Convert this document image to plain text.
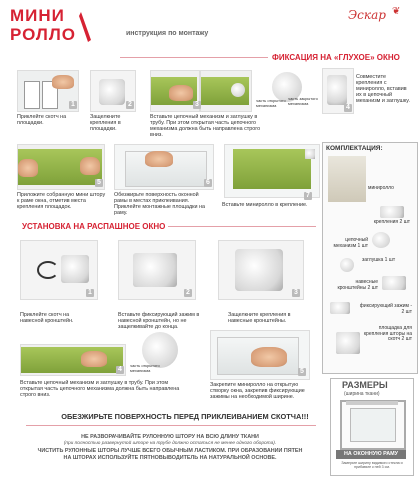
МИНИ
РОЛЛО	инструкция по монтажу
Эскар ❦
ФИКСАЦИЯ НА «ГЛУХОЕ» ОКНО
1
Приклейте скотч на площадки.
2
Защелкните крепления в площадки.
3
Вставьте цепочный механизм и заглушку в трубу. При этом открытая часть цепочного механизма должна быть направлена строго вниз.
часть открытого механизма
часть закрытого механизма
4
Совместите крепления с миниролло, вставив их в цепочный механизм и заглушку.
5
Приложите собранную мини штору к раме окна, отметив места крепления площадок.
6
Обезжирьте поверхность оконной рамы в местах приклеивания. Приклейте монтажные площадки на раму.
7
Вставьте миниролло в крепление.
КОМПЛЕКТАЦИЯ:
миниролло
крепления 2 шт
цепочный механизм 1 шт
заглушка 1 шт
навесные кронштейны 2 шт
фиксирующий зажим - 2 шт
площадка для крепления шторы на скотч 2 шт
УСТАНОВКА НА РАСПАШНОЕ ОКНО
1
Приклейте скотч на навесной кронштейн.
2
Вставьте фиксирующий зажим в навесной кронштейн, но не защелкивайте до конца.
3
Защелкните крепления в навесные кронштейны.
4
часть открытого механизма
Вставьте цепочный механизм и заглушку в трубу. При этом открытая часть цепочного механизма должна быть направлена строго вниз.
5
Закрепите миниролло на открытую створку окна, закрепив фиксирующие зажимы на необходимой ширине.
РАЗМЕРЫ
(ширина ткани)
НА ОКОННУЮ РАМУ
Замерьте ширину видимого стекла и прибавьте к ней 3 см.
ОБЕЗЖИРЬТЕ ПОВЕРХНОСТЬ ПЕРЕД ПРИКЛЕИВАНИЕМ СКОТЧА!!!
НЕ РАЗВОРАЧИВАЙТЕ РУЛОННУЮ ШТОРУ НА ВСЮ ДЛИНУ ТКАНИ
(при полностью развернутой шторе на трубе должно остаться не менее одного оборота).
ЧИСТИТЬ РУЛОННЫЕ ШТОРЫ ЛУЧШЕ ВСЕГО ОБЫЧНЫМ ЛАСТИКОМ. ПРИ ОБРАЗОВАНИИ ПЯТЕН
НА ШТОРАХ ИСПОЛЬЗУЙТЕ ПЯТНОВЫВОДИТЕЛЬ НА НАТУРАЛЬНОЙ ОСНОВЕ.
